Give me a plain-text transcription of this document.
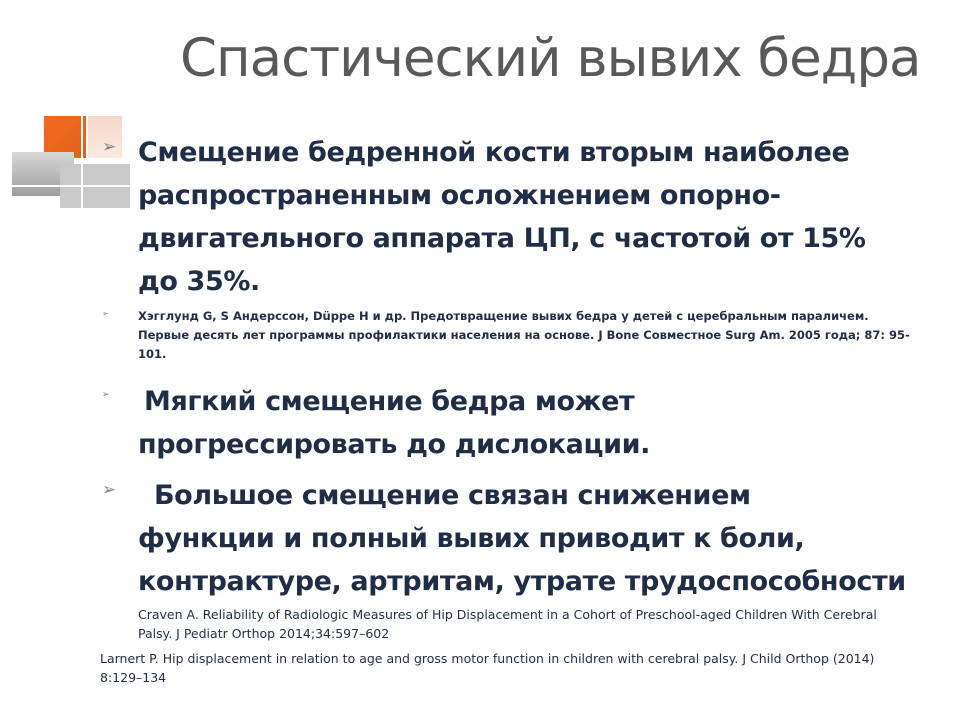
Спастический вывих бедра
➢ Смещение бедренной кости вторым наиболее
распространенным осложнением опорно-
двигательного аппарата ЦП, с частотой от 15%
до 35%.
➢	Хэгглунд G, S Андерссон, Düppe H и др. Предотвращение вывих бедра у детей с церебральным параличем.
Первые десять лет программы профилактики населения на основе. J Bone Совместное Surg Am. 2005 года; 87: 95-
101.
➢ Мягкий смещение бедра может
прогрессировать до дислокации.
➢	Большое смещение связан снижением
функции и полный вывих приводит к боли,
контрактуре, артритам, утрате трудоспособности
Craven A. Reliability of Radiologic Measures of Hip Displacement in a Cohort of Preschool-aged Children With Cerebral
Palsy. J Pediatr Orthop 2014;34:597–602
Larnert P. Hip displacement in relation to age and gross motor function in children with cerebral palsy. J Child Orthop (2014)
8:129–134
